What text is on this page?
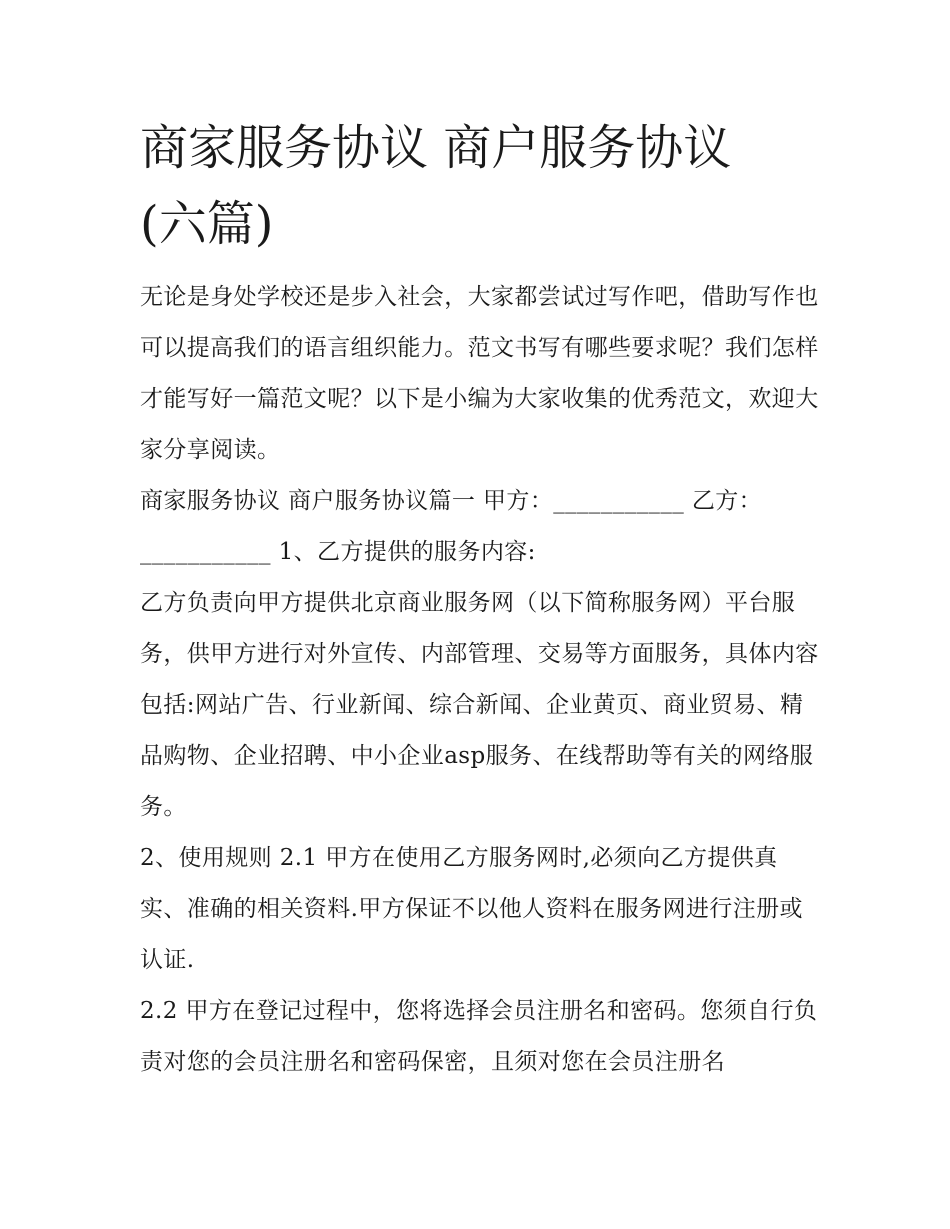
商家服务协议 商户服务协议
(六篇)

无论是身处学校还是步入社会，大家都尝试过写作吧，借助写作也可以提高我们的语言组织能力。范文书写有哪些要求呢？我们怎样才能写好一篇范文呢？以下是小编为大家收集的优秀范文，欢迎大家分享阅读。

商家服务协议 商户服务协议篇一 甲方：___________ 乙方：___________ 1、乙方提供的服务内容:

乙方负责向甲方提供北京商业服务网（以下简称服务网）平台服务，供甲方进行对外宣传、内部管理、交易等方面服务，具体内容包括:网站广告、行业新闻、综合新闻、企业黄页、商业贸易、精品购物、企业招聘、中小企业asp服务、在线帮助等有关的网络服务。

2、使用规则 2.1 甲方在使用乙方服务网时,必须向乙方提供真实、准确的相关资料.甲方保证不以他人资料在服务网进行注册或认证.

2.2 甲方在登记过程中，您将选择会员注册名和密码。您须自行负责对您的会员注册名和密码保密，且须对您在会员注册名
